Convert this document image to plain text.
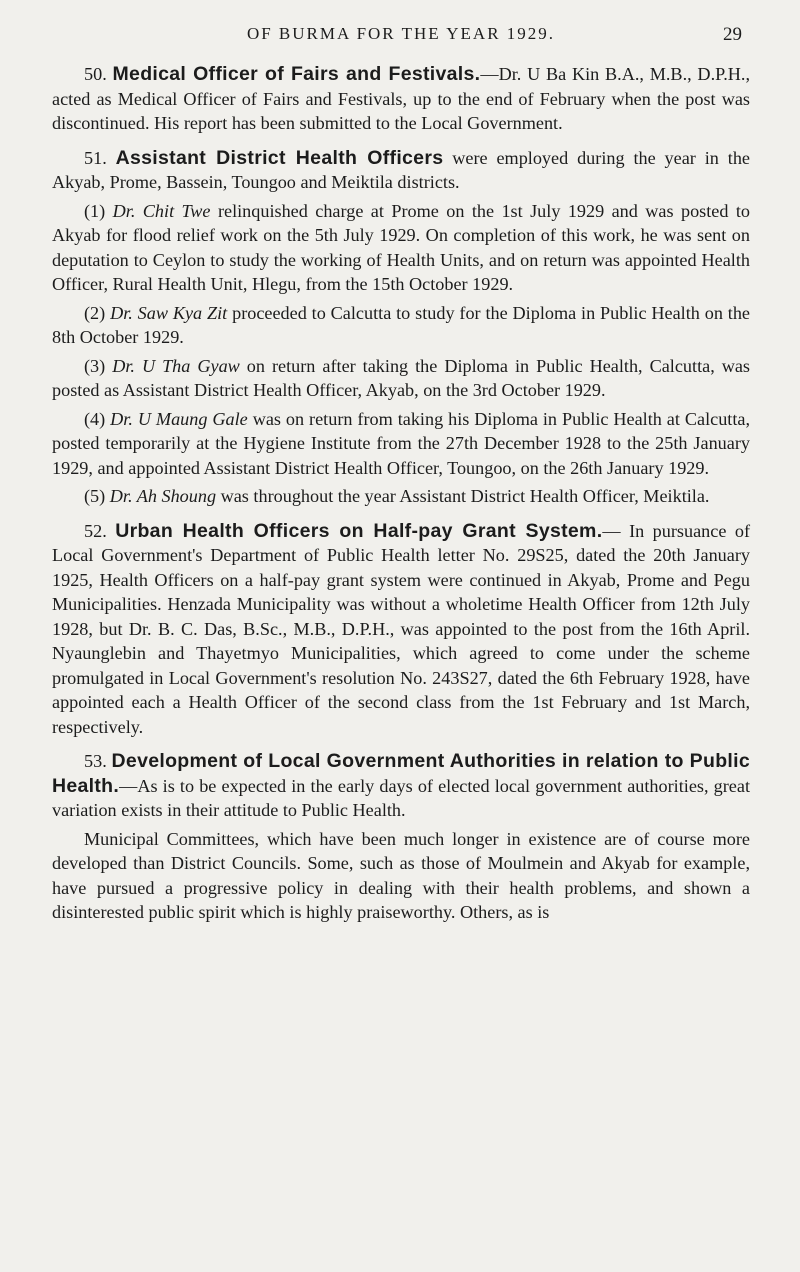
OF BURMA FOR THE YEAR 1929.	29

50. Medical Officer of Fairs and Festivals.—Dr. U Ba Kin B.A., M.B., D.P.H., acted as Medical Officer of Fairs and Festivals, up to the end of February when the post was discontinued. His report has been submitted to the Local Government.

51. Assistant District Health Officers were employed during the year in the Akyab, Prome, Bassein, Toungoo and Meiktila districts.

(1) Dr. Chit Twe relinquished charge at Prome on the 1st July 1929 and was posted to Akyab for flood relief work on the 5th July 1929. On completion of this work, he was sent on deputation to Ceylon to study the working of Health Units, and on return was appointed Health Officer, Rural Health Unit, Hlegu, from the 15th October 1929.

(2) Dr. Saw Kya Zit proceeded to Calcutta to study for the Diploma in Public Health on the 8th October 1929.

(3) Dr. U Tha Gyaw on return after taking the Diploma in Public Health, Calcutta, was posted as Assistant District Health Officer, Akyab, on the 3rd October 1929.

(4) Dr. U Maung Gale was on return from taking his Diploma in Public Health at Calcutta, posted temporarily at the Hygiene Institute from the 27th December 1928 to the 25th January 1929, and appointed Assistant District Health Officer, Toungoo, on the 26th January 1929.

(5) Dr. Ah Shoung was throughout the year Assistant District Health Officer, Meiktila.

52. Urban Health Officers on Half-pay Grant System.— In pursuance of Local Government's Department of Public Health letter No. 29S25, dated the 20th January 1925, Health Officers on a half-pay grant system were continued in Akyab, Prome and Pegu Municipalities. Henzada Municipality was without a wholetime Health Officer from 12th July 1928, but Dr. B. C. Das, B.Sc., M.B., D.P.H., was appointed to the post from the 16th April. Nyaunglebin and Thayetmyo Municipalities, which agreed to come under the scheme promulgated in Local Government's resolution No. 243S27, dated the 6th February 1928, have appointed each a Health Officer of the second class from the 1st February and 1st March, respectively.

53. Development of Local Government Authorities in relation to Public Health.—As is to be expected in the early days of elected local government authorities, great variation exists in their attitude to Public Health.

Municipal Committees, which have been much longer in existence are of course more developed than District Councils. Some, such as those of Moulmein and Akyab for example, have pursued a progressive policy in dealing with their health problems, and shown a disinterested public spirit which is highly praiseworthy. Others, as is
